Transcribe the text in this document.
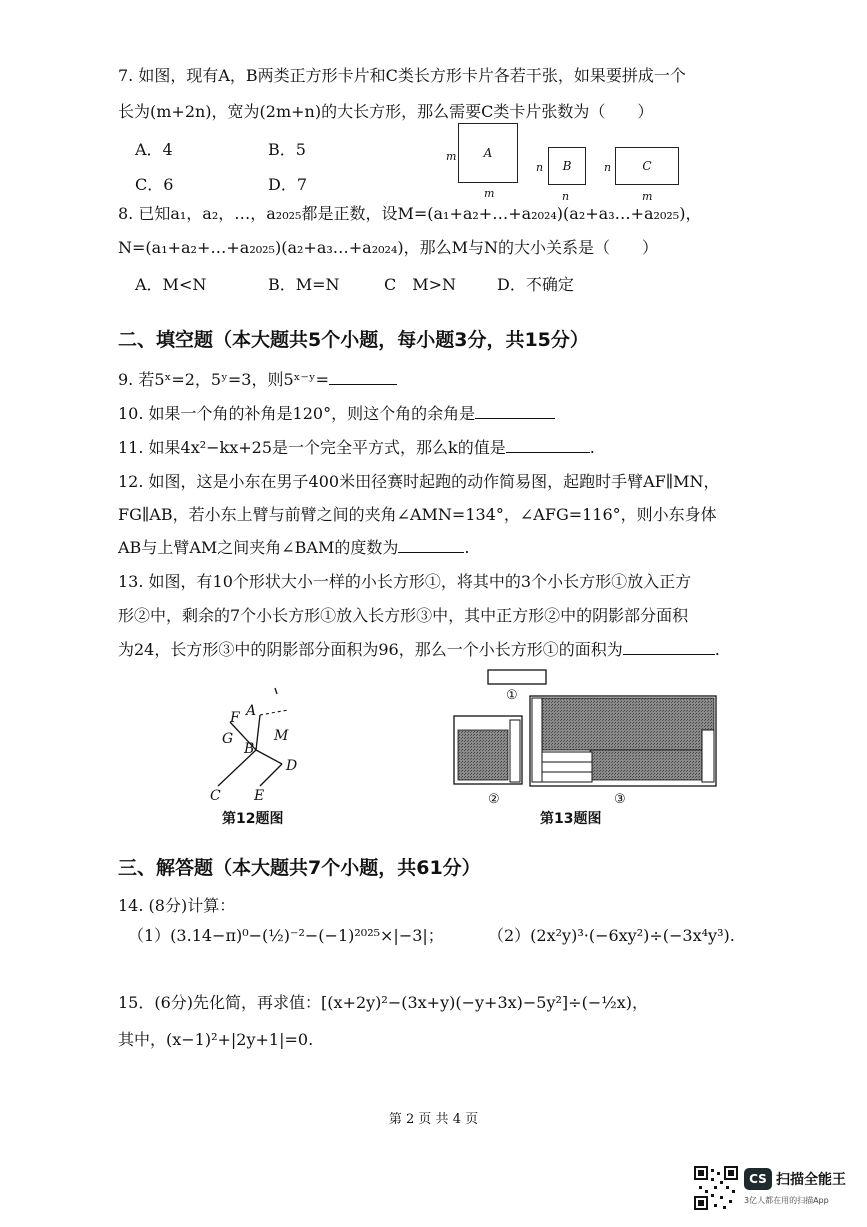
7. 如图，现有A，B两类正方形卡片和C类长方形卡片各若干张，如果要拼成一个
长为(m+2n)，宽为(2m+n)的大长方形，那么需要C类卡片张数为（　　）
A．4	B．5
C．6	D．7
m A
m
n B
n
n	C
m
8. 已知a₁，a₂，…，a₂₀₂₅都是正数，设M=(a₁+a₂+…+a₂₀₂₄)(a₂+a₃…+a₂₀₂₅)，
N=(a₁+a₂+…+a₂₀₂₅)(a₂+a₃…+a₂₀₂₄)，那么M与N的大小关系是（　　）
A．M<N	B．M=N	C　M>N	D．不确定
二、填空题（本大题共5个小题，每小题3分，共15分）
9. 若5ˣ=2，5ʸ=3，则5ˣ⁻ʸ=
10. 如果一个角的补角是120°，则这个角的余角是
11. 如果4x²−kx+25是一个完全平方式，那么k的值是	.
12. 如图，这是小东在男子400米田径赛时起跑的动作简易图，起跑时手臂AF∥MN，
FG∥AB，若小东上臂与前臂之间的夹角∠AMN=134°，∠AFG=116°，则小东身体
AB与上臂AM之间夹角∠BAM的度数为	.
13. 如图，有10个形状大小一样的小长方形①，将其中的3个小长方形①放入正方
形②中，剩余的7个小长方形①放入长方形③中，其中正方形②中的阴影部分面积
为24，长方形③中的阴影部分面积为96，那么一个小长方形①的面积为	.
F A
G	M
B
D
C E
第12题图
①
②	③
第13题图
三、解答题（本大题共7个小题，共61分）
14. (8分)计算：
（1）(3.14−π)⁰−(½)⁻²−(−1)²⁰²⁵×|−3|；	（2）(2x²y)³·(−6xy²)÷(−3x⁴y³).
15．(6分)先化简，再求值：[(x+2y)²−(3x+y)(−y+3x)−5y²]÷(−½x)，
其中，(x−1)²+|2y+1|=0.
第 2 页 共 4 页
CS 扫描全能王
3亿人都在用的扫描App
